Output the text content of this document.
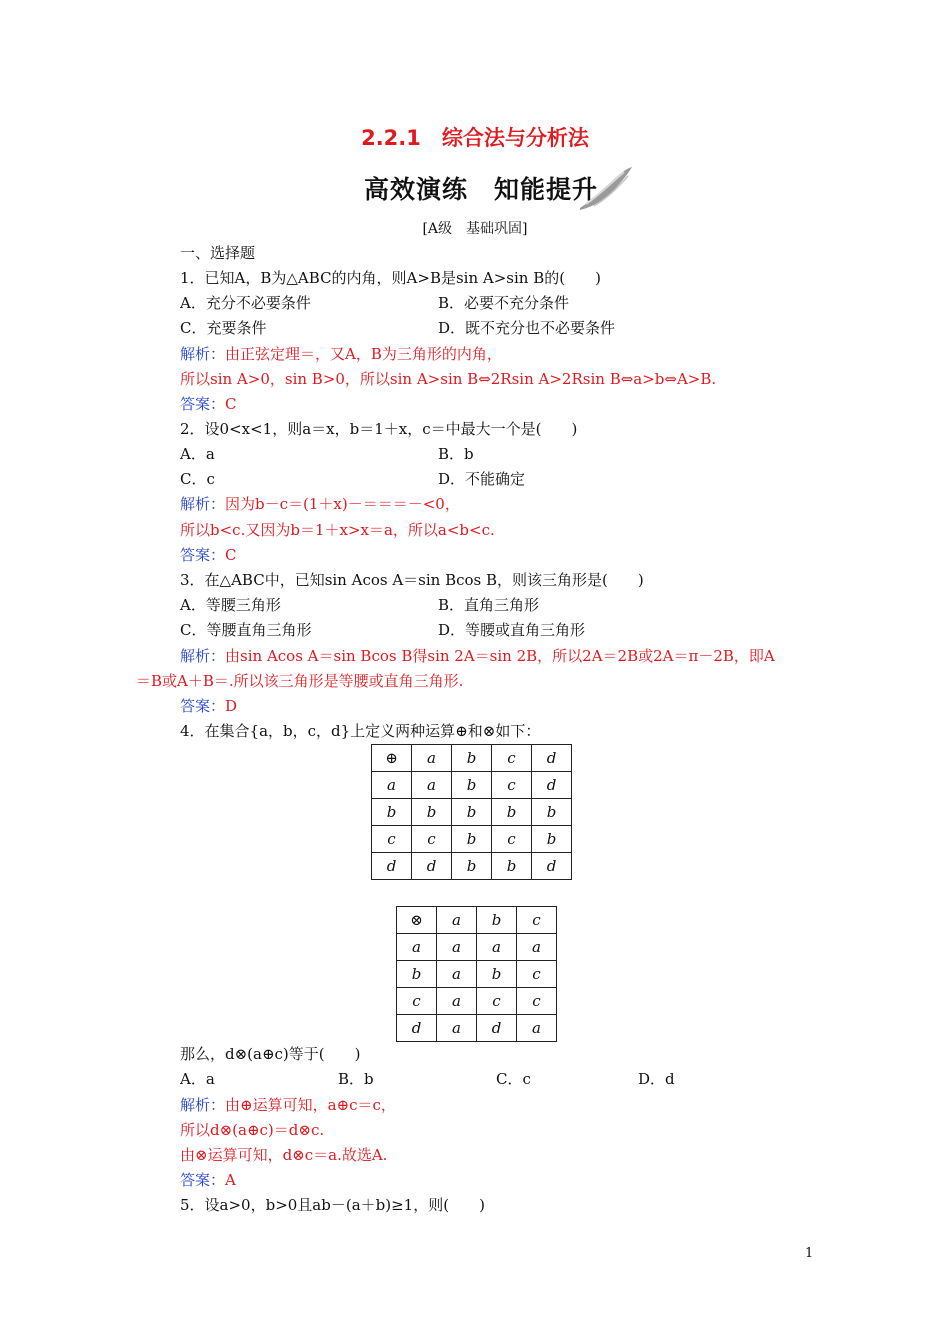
2.2.1　综合法与分析法
高效演练　知能提升
[A级　基础巩固]
一、选择题
1．已知A，B为△ABC的内角，则A>B是sin A>sin B的(　　)
A．充分不必要条件	B．必要不充分条件
C．充要条件	D．既不充分也不必要条件
解析：由正弦定理＝，又A，B为三角形的内角，
所以sin A>0，sin B>0，所以sin A>sin B⇔2Rsin A>2Rsin B⇔a>b⇔A>B.
答案：C
2．设0<x<1，则a＝x，b＝1＋x，c＝中最大一个是(　　)
A．a	B．b
C．c	D．不能确定
解析：因为b－c＝(1＋x)－＝＝＝－<0，
所以b<c.又因为b＝1＋x>x＝a，所以a<b<c.
答案：C
3．在△ABC中，已知sin Acos A＝sin Bcos B，则该三角形是(　　)
A．等腰三角形	B．直角三角形
C．等腰直角三角形	D．等腰或直角三角形
解析：由sin Acos A＝sin Bcos B得sin 2A＝sin 2B，所以2A＝2B或2A＝π－2B，即A
＝B或A＋B＝.所以该三角形是等腰或直角三角形.
答案：D
4．在集合{a，b，c，d}上定义两种运算⊕和⊗如下：
那么，d⊗(a⊕c)等于(　　)
A．a	B．b	C．c	D．d
解析：由⊕运算可知，a⊕c＝c，
所以d⊗(a⊕c)＝d⊗c.
由⊗运算可知，d⊗c＝a.故选A.
答案：A
5．设a>0，b>0且ab－(a＋b)≥1，则(　　)
⊕	a	b	c	d
a	a	b	c	d
b	b	b	b	b
c	c	b	c	b
d	d	b	b	d
⊗	a	b	c
a	a	a	a
b	a	b	c
c	a	c	c
d	a	d	a
1
